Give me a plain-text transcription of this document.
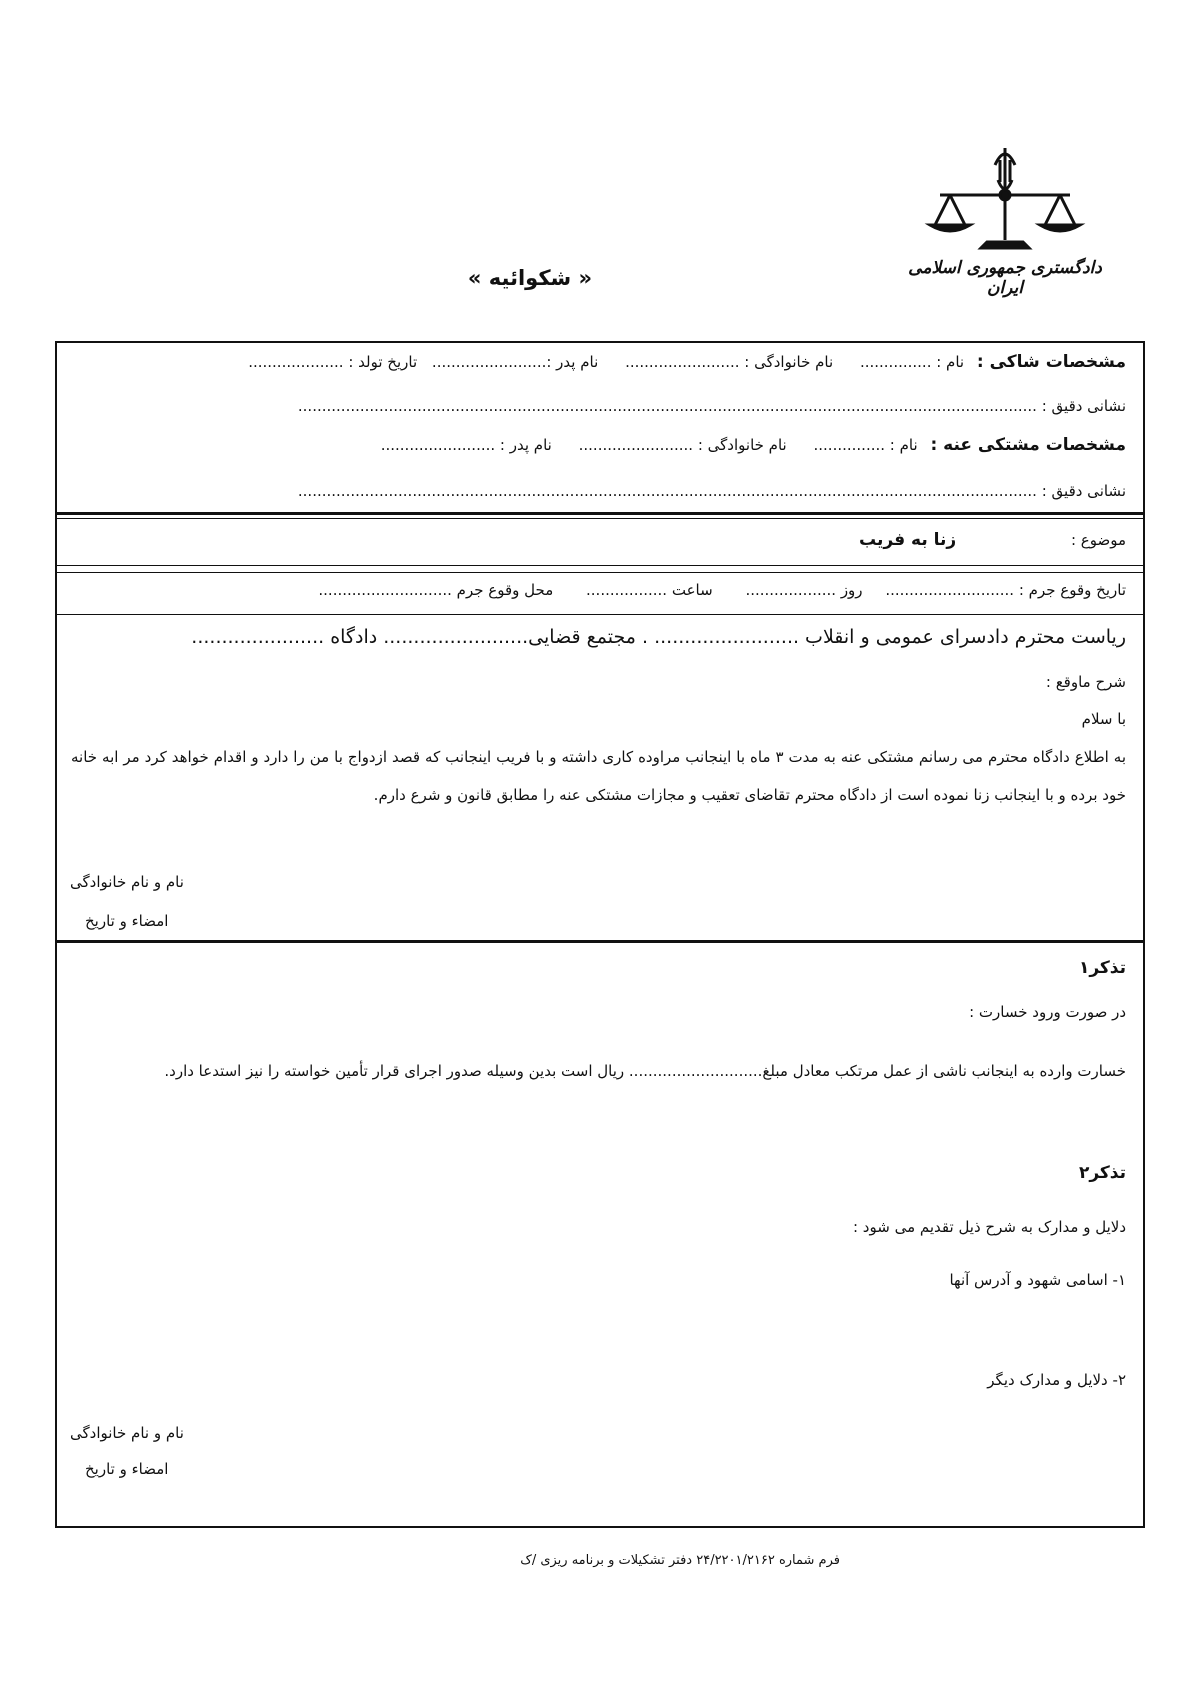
دادگستری جمهوری اسلامی ایران
« شکوائیه »
مشخصات شاکی : نام : ............... نام خانوادگی : ........................ نام پدر :........................ تاریخ تولد : ....................
نشانی دقیق : ...........................................................................................................................................................
مشخصات مشتکی عنه : نام : ............... نام خانوادگی : ........................ نام پدر : ........................
نشانی دقیق : ...........................................................................................................................................................
موضوع : زنا به فریب
تاریخ وقوع جرم : ........................... روز ................... ساعت ................. محل وقوع جرم ............................
ریاست محترم دادسرای عمومی و انقلاب ........................ . مجتمع قضایی........................ دادگاه ......................
شرح ماوقع :
با سلام
به اطلاع دادگاه محترم می رسانم مشتکی عنه به مدت ۳ ماه با اینجانب مراوده کاری داشته و با فریب اینجانب که قصد ازدواج با من را دارد و اقدام خواهد کرد مر ابه خانه خود برده و با اینجانب زنا نموده است از دادگاه محترم تقاضای تعقیب و مجازات مشتکی عنه را مطابق قانون و شرع دارم.
نام و نام خانوادگی
امضاء و تاریخ
تذکر۱
در صورت ورود خسارت :
خسارت وارده به اینجانب ناشی از عمل مرتکب معادل مبلغ............................ ریال است بدین وسیله صدور اجرای قرار تأمین خواسته را نیز استدعا دارد.
تذکر۲
دلایل و مدارک به شرح ذیل تقدیم می شود :
۱- اسامی شهود و آدرس آنها
۲- دلایل و مدارک دیگر
نام و نام خانوادگی
امضاء و تاریخ
فرم شماره ۲۴/۲۲۰۱/۲۱۶۲ دفتر تشکیلات و برنامه ریزی /ک
